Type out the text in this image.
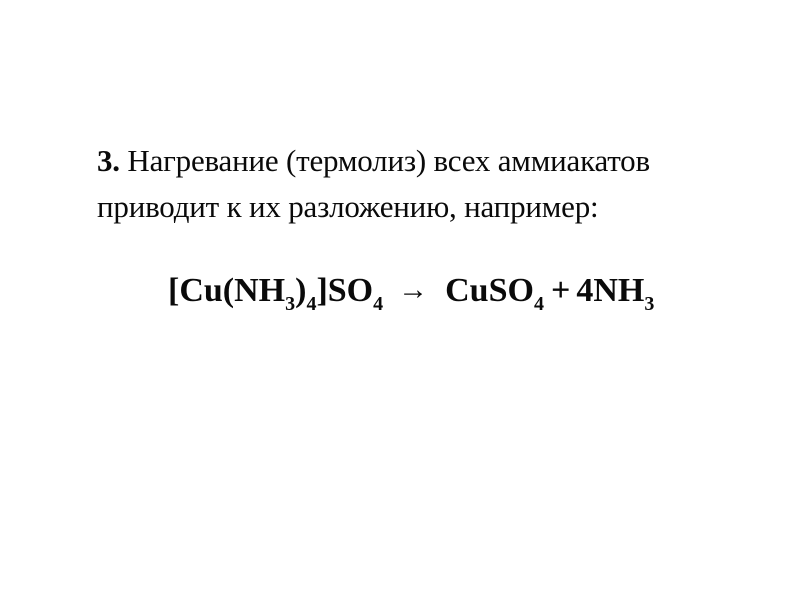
3. Нагревание (термолиз) всех аммиакатов
приводит к их разложению, например:
$[Cu(NH_3)_4]SO_4$ → CuSO$_4$ + $4NH_3$
